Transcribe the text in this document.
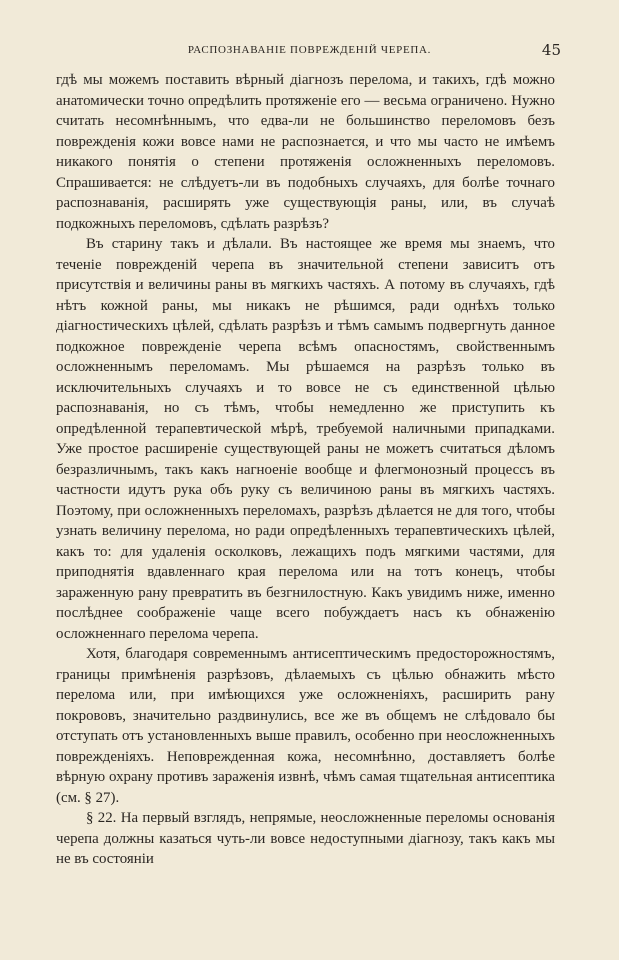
РАСПОЗНАВАНІЕ ПОВРЕЖДЕНІЙ ЧЕРЕПА.	45

гдѣ мы можемъ поставить вѣрный діагнозъ перелома, и такихъ, гдѣ можно анатомически точно опредѣлить протяженіе его — весьма ограничено. Нужно считать несомнѣннымъ, что едва-ли не большинство переломовъ безъ поврежденія кожи вовсе нами не распознается, и что мы часто не имѣемъ никакого понятія о степени протяженія осложненныхъ переломовъ. Спрашивается: не слѣдуетъ-ли въ подобныхъ случаяхъ, для болѣе точнаго распознаванія, расширять уже существующія раны, или, въ случаѣ подкожныхъ переломовъ, сдѣлать разрѣзъ?

Въ старину такъ и дѣлали. Въ настоящее же время мы знаемъ, что теченіе поврежденій черепа въ значительной степени зависитъ отъ присутствія и величины раны въ мягкихъ частяхъ. А потому въ случаяхъ, гдѣ нѣтъ кожной раны, мы никакъ не рѣшимся, ради однѣхъ только діагностическихъ цѣлей, сдѣлать разрѣзъ и тѣмъ самымъ подвергнуть данное подкожное поврежденіе черепа всѣмъ опасностямъ, свойственнымъ осложненнымъ переломамъ. Мы рѣшаемся на разрѣзъ только въ исключительныхъ случаяхъ и то вовсе не съ единственной цѣлью распознаванія, но съ тѣмъ, чтобы немедленно же приступить къ опредѣленной терапевтической мѣрѣ, требуемой наличными припадками. Уже простое расширеніе существующей раны не можетъ считаться дѣломъ безразличнымъ, такъ какъ нагноеніе вообще и флегмонозный процессъ въ частности идутъ рука объ руку съ величиною раны въ мягкихъ частяхъ. Поэтому, при осложненныхъ переломахъ, разрѣзъ дѣлается не для того, чтобы узнать величину перелома, но ради опредѣленныхъ терапевтическихъ цѣлей, какъ то: для удаленія осколковъ, лежащихъ подъ мягкими частями, для приподнятія вдавленнаго края перелома или на тотъ конецъ, чтобы зараженную рану превратить въ безгнилостную. Какъ увидимъ ниже, именно послѣднее соображеніе чаще всего побуждаетъ насъ къ обнаженію осложненнаго перелома черепа.

Хотя, благодаря современнымъ антисептическимъ предосторожностямъ, границы примѣненія разрѣзовъ, дѣлаемыхъ съ цѣлью обнажить мѣсто перелома или, при имѣющихся уже осложненіяхъ, расширить рану покрововъ, значительно раздвинулись, все же въ общемъ не слѣдовало бы отступать отъ установленныхъ выше правилъ, особенно при неосложненныхъ поврежденіяхъ. Неповрежденная кожа, несомнѣнно, доставляетъ болѣе вѣрную охрану противъ зараженія извнѣ, чѣмъ самая тщательная антисептика (см. § 27).

§ 22. На первый взглядъ, непрямые, неосложненные переломы основанія черепа должны казаться чуть-ли вовсе недоступными діагнозу, такъ какъ мы не въ состояніи
